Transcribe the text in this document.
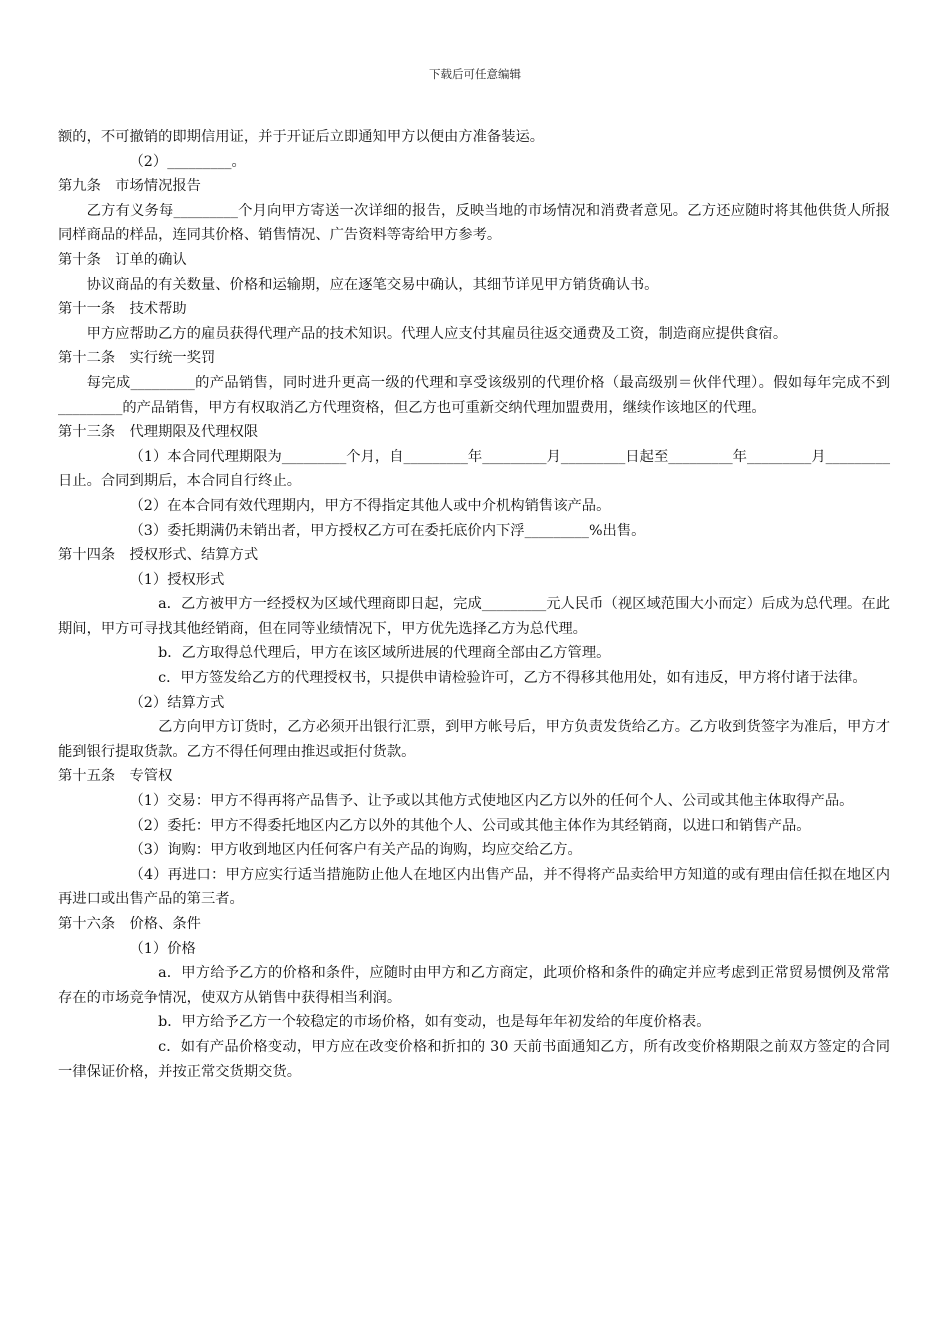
下载后可任意编辑

额的，不可撤销的即期信用证，并于开证后立即通知甲方以便由方准备装运。

（2）_________。

第九条　市场情况报告

乙方有义务每_________个月向甲方寄送一次详细的报告，反映当地的市场情况和消费者意见。乙方还应随时将其他供货人所报同样商品的样品，连同其价格、销售情况、广告资料等寄给甲方参考。

第十条　订单的确认

协议商品的有关数量、价格和运输期，应在逐笔交易中确认，其细节详见甲方销货确认书。

第十一条　技术帮助

甲方应帮助乙方的雇员获得代理产品的技术知识。代理人应支付其雇员往返交通费及工资，制造商应提供食宿。

第十二条　实行统一奖罚

每完成_________的产品销售，同时进升更高一级的代理和享受该级别的代理价格（最高级别＝伙伴代理）。假如每年完成不到_________的产品销售，甲方有权取消乙方代理资格，但乙方也可重新交纳代理加盟费用，继续作该地区的代理。

第十三条　代理期限及代理权限

（1）本合同代理期限为_________个月，自_________年_________月_________日起至_________年_________月_________日止。合同到期后，本合同自行终止。

（2）在本合同有效代理期内，甲方不得指定其他人或中介机构销售该产品。

（3）委托期满仍未销出者，甲方授权乙方可在委托底价内下浮_________%出售。

第十四条　授权形式、结算方式

（1）授权形式

a．乙方被甲方一经授权为区域代理商即日起，完成_________元人民币（视区域范围大小而定）后成为总代理。在此期间，甲方可寻找其他经销商，但在同等业绩情况下，甲方优先选择乙方为总代理。

b．乙方取得总代理后，甲方在该区域所进展的代理商全部由乙方管理。

c．甲方签发给乙方的代理授权书，只提供申请检验许可，乙方不得移其他用处，如有违反，甲方将付诸于法律。

（2）结算方式

乙方向甲方订货时，乙方必须开出银行汇票，到甲方帐号后，甲方负责发货给乙方。乙方收到货签字为准后，甲方才能到银行提取货款。乙方不得任何理由推迟或拒付货款。

第十五条　专管权

（1）交易：甲方不得再将产品售予、让予或以其他方式使地区内乙方以外的任何个人、公司或其他主体取得产品。

（2）委托：甲方不得委托地区内乙方以外的其他个人、公司或其他主体作为其经销商，以进口和销售产品。

（3）询购：甲方收到地区内任何客户有关产品的询购，均应交给乙方。

（4）再进口：甲方应实行适当措施防止他人在地区内出售产品，并不得将产品卖给甲方知道的或有理由信任拟在地区内再进口或出售产品的第三者。

第十六条　价格、条件

（1）价格

a．甲方给予乙方的价格和条件，应随时由甲方和乙方商定，此项价格和条件的确定并应考虑到正常贸易惯例及常常存在的市场竞争情况，使双方从销售中获得相当利润。

b．甲方给予乙方一个较稳定的市场价格，如有变动，也是每年年初发给的年度价格表。

c．如有产品价格变动，甲方应在改变价格和折扣的 30 天前书面通知乙方，所有改变价格期限之前双方签定的合同一律保证价格，并按正常交货期交货。
